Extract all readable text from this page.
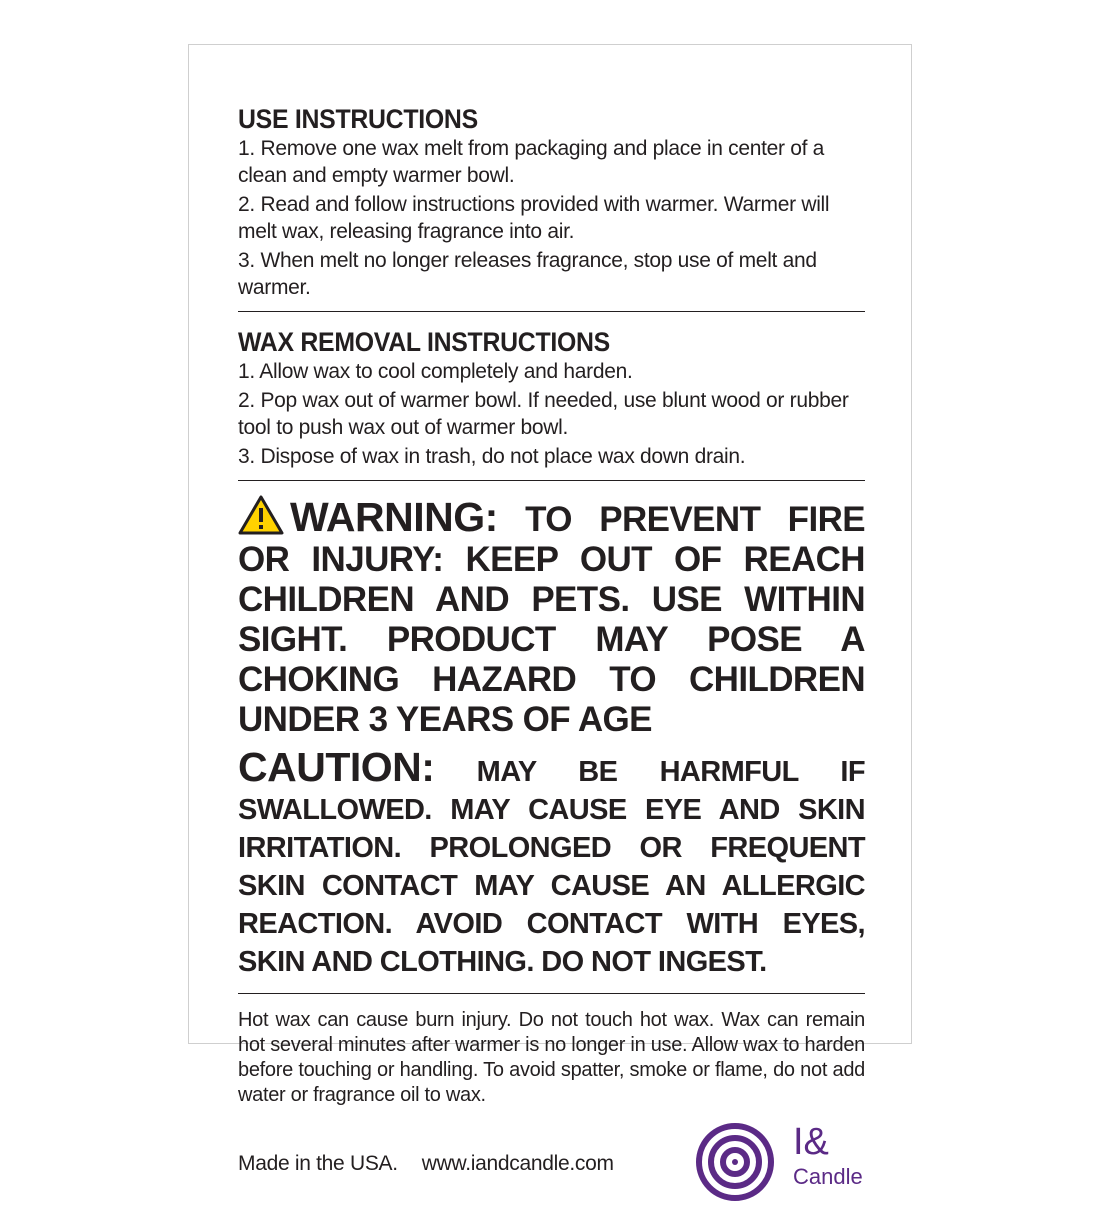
USE INSTRUCTIONS

1. Remove one wax melt from packaging and place in center of a clean and empty warmer bowl.

2. Read and follow instructions provided with warmer. Warmer will melt wax, releasing fragrance into air.

3. When melt no longer releases fragrance, stop use of melt and warmer.

WAX REMOVAL INSTRUCTIONS

1. Allow wax to cool completely and harden.

2. Pop wax out of warmer bowl. If needed, use blunt wood or rubber tool to push wax out of warmer bowl.

3. Dispose of wax in trash, do not place wax down drain.

WARNING: TO PREVENT FIRE OR INJURY: KEEP OUT OF REACH CHILDREN AND PETS. USE WITHIN SIGHT. PRODUCT MAY POSE A CHOKING HAZARD TO CHILDREN UNDER 3 YEARS OF AGE
CAUTION: MAY BE HARMFUL IF SWALLOWED. MAY CAUSE EYE AND SKIN IRRITATION. PROLONGED OR FREQUENT SKIN CONTACT MAY CAUSE AN ALLERGIC REACTION. AVOID CONTACT WITH EYES, SKIN AND CLOTHING. DO NOT INGEST.

Hot wax can cause burn injury. Do not touch hot wax. Wax can remain hot several minutes after warmer is no longer in use. Allow wax to harden before touching or handling. To avoid spatter, smoke or flame, do not add water or fragrance oil to wax.

Made in the USA. www.iandcandle.com
I&
Candle
